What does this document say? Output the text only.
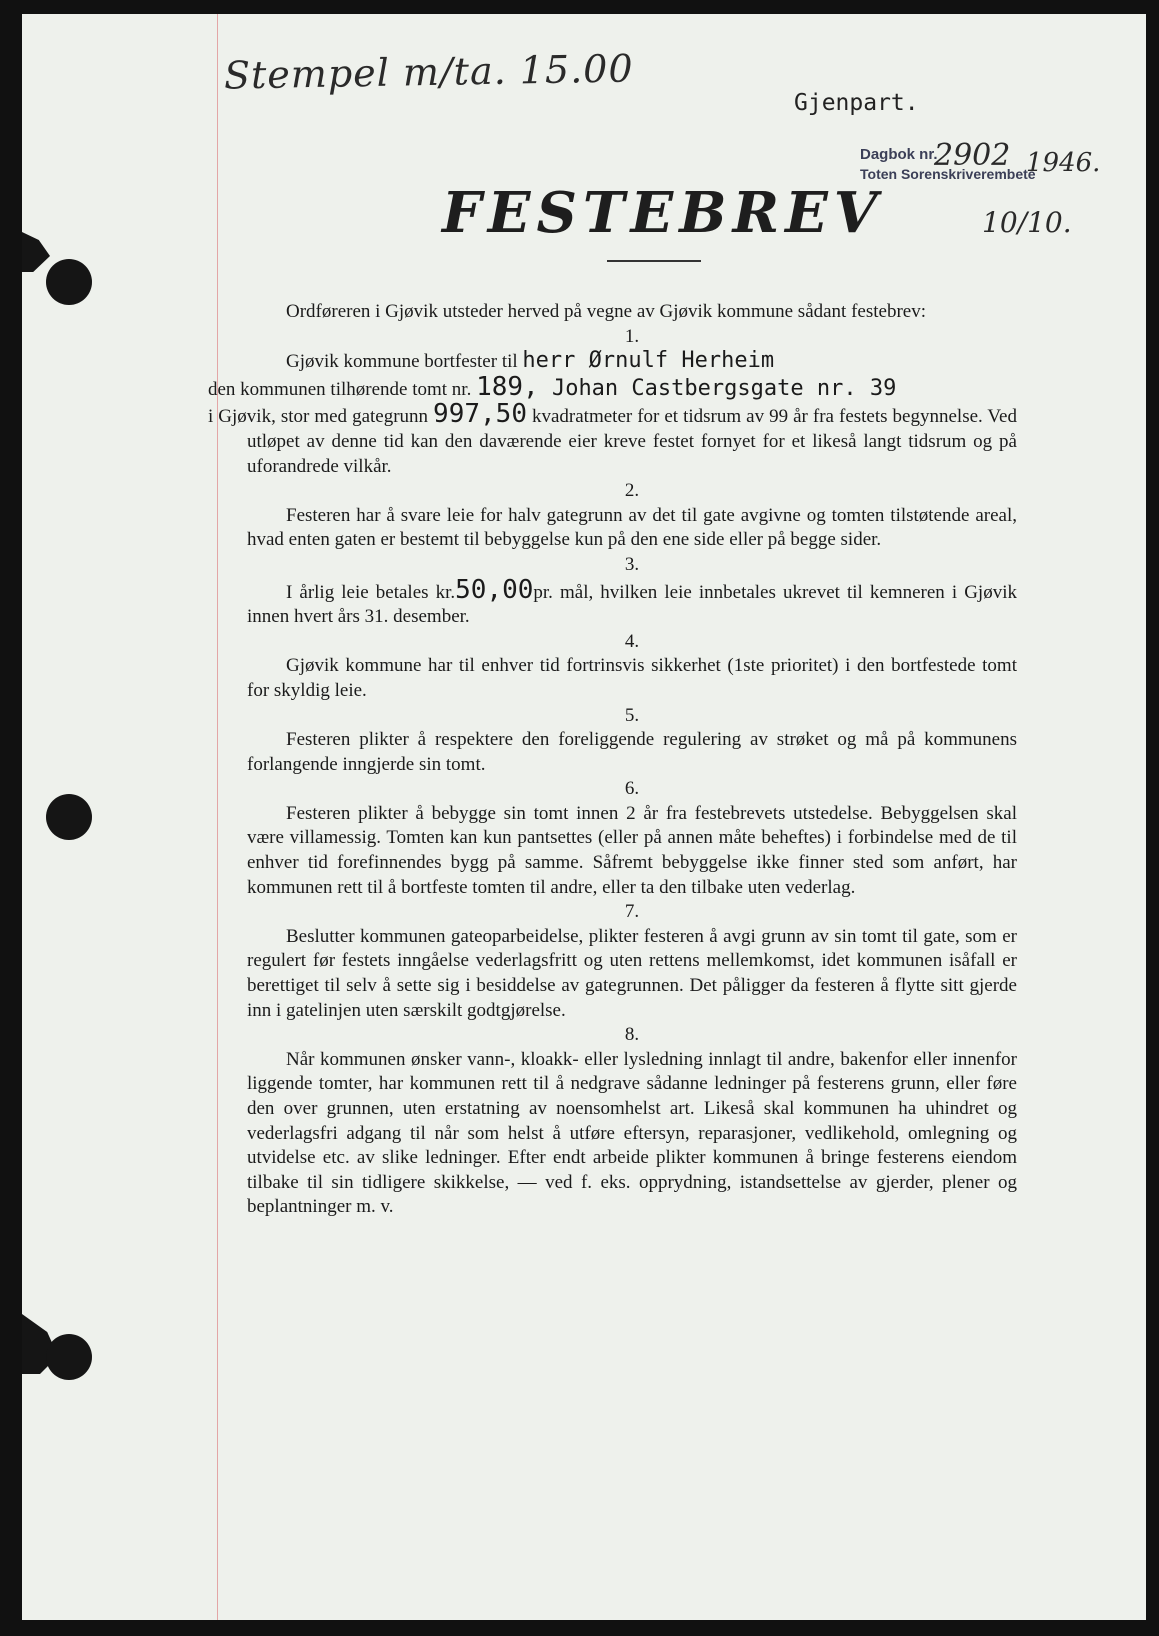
Stempel m/ta. 15.00
Gjenpart.
Dagbok nr.
Toten Sorenskriverembete
2902 1946.
10/10.
FESTEBREV

Ordføreren i Gjøvik utsteder herved på vegne av Gjøvik kommune sådant festebrev:

1.

Gjøvik kommune bortfester til herr Ørnulf Herheim
den kommunen tilhørende tomt nr. 189, Johan Castbergsgate nr. 39
i Gjøvik, stor med gategrunn 997,50 kvadratmeter for et tidsrum av 99 år fra festets begynnelse. Ved utløpet av denne tid kan den daværende eier kreve festet fornyet for et likeså langt tidsrum og på uforandrede vilkår.

2.

Festeren har å svare leie for halv gategrunn av det til gate avgivne og tomten tilstøtende areal, hvad enten gaten er bestemt til bebyggelse kun på den ene side eller på begge sider.

3.

I årlig leie betales kr.50,00pr. mål, hvilken leie innbetales ukrevet til kemneren i Gjøvik innen hvert års 31. desember.

4.

Gjøvik kommune har til enhver tid fortrinsvis sikkerhet (1ste prioritet) i den bortfestede tomt for skyldig leie.

5.

Festeren plikter å respektere den foreliggende regulering av strøket og må på kommunens forlangende inngjerde sin tomt.

6.

Festeren plikter å bebygge sin tomt innen 2 år fra festebrevets utstedelse. Bebyggelsen skal være villamessig. Tomten kan kun pantsettes (eller på annen måte beheftes) i forbindelse med de til enhver tid forefinnendes bygg på samme. Såfremt bebyggelse ikke finner sted som anført, har kommunen rett til å bortfeste tomten til andre, eller ta den tilbake uten vederlag.

7.

Beslutter kommunen gateoparbeidelse, plikter festeren å avgi grunn av sin tomt til gate, som er regulert før festets inngåelse vederlagsfritt og uten rettens mellemkomst, idet kommunen isåfall er berettiget til selv å sette sig i besiddelse av gategrunnen. Det påligger da festeren å flytte sitt gjerde inn i gatelinjen uten særskilt godtgjørelse.

8.

Når kommunen ønsker vann-, kloakk- eller lysledning innlagt til andre, bakenfor eller innenfor liggende tomter, har kommunen rett til å nedgrave sådanne ledninger på festerens grunn, eller føre den over grunnen, uten erstatning av noensomhelst art. Likeså skal kommunen ha uhindret og vederlagsfri adgang til når som helst å utføre eftersyn, reparasjoner, vedlikehold, omlegning og utvidelse etc. av slike ledninger. Efter endt arbeide plikter kommunen å bringe festerens eiendom tilbake til sin tidligere skikkelse, — ved f. eks. opprydning, istandsettelse av gjerder, plener og beplantninger m. v.
